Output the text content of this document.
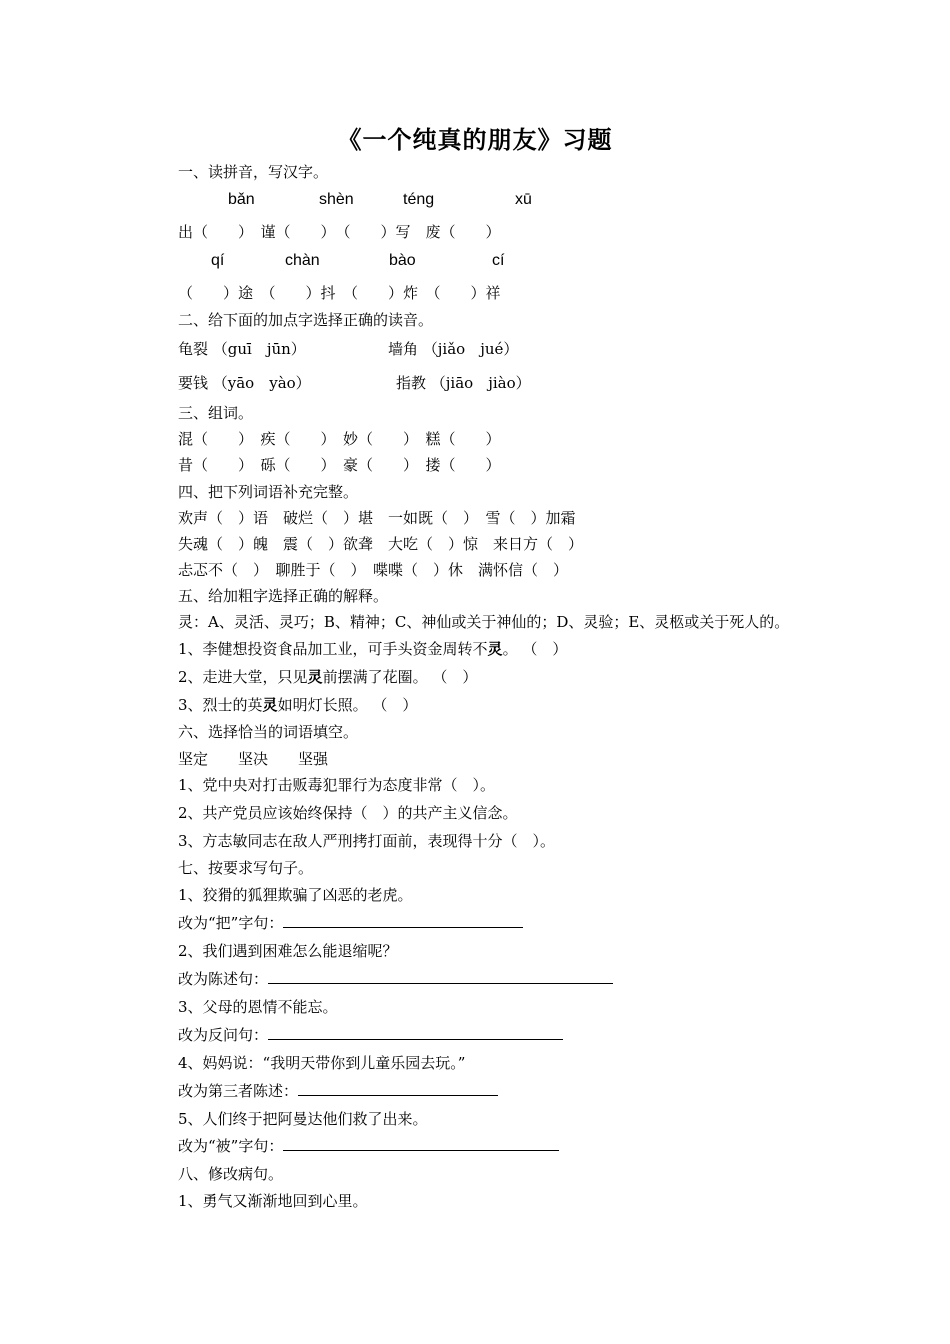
《一个纯真的朋友》习题
一、读拼音，写汉字。
bǎn	shèn	téng	xū
出（　　）　谨（　　）　（　　）写　废（　　）
qí	chàn	bào	cí
（　　）途　（　　）抖　（　　）炸　（　　）祥
二、给下面的加点字选择正确的读音。
龟裂 （guī　jūn）	墙角 （jiǎo　jué）
要钱 （yāo　yào）	指教 （jiāo　jiào）
三、组词。
混（　　）　疾（　　）　妙（　　）　糕（　　）
昔（　　）　砾（　　）　豪（　　）　搂（　　）
四、把下列词语补充完整。
欢声（　）语　破烂（　）堪　一如既（　）　雪（　）加霜
失魂（　）魄　震（　）欲聋　大吃（　）惊　来日方（　）
忐忑不（　）　聊胜于（　）　喋喋（　）休　满怀信（　）
五、给加粗字选择正确的解释。
灵：A、灵活、灵巧；B、精神；C、神仙或关于神仙的；D、灵验；E、灵柩或关于死人的。
1、李健想投资食品加工业，可手头资金周转不灵。 （　）
2、走进大堂，只见灵前摆满了花圈。 （　）
3、烈士的英灵如明灯长照。 （　）
六、选择恰当的词语填空。
坚定　　坚决　　坚强
1、党中央对打击贩毒犯罪行为态度非常（　）。
2、共产党员应该始终保持（　）的共产主义信念。
3、方志敏同志在敌人严刑拷打面前，表现得十分（　）。
七、按要求写句子。
1、狡猾的狐狸欺骗了凶恶的老虎。
改为“把”字句：
2、我们遇到困难怎么能退缩呢？
改为陈述句：
3、父母的恩情不能忘。
改为反问句：
4、妈妈说：“我明天带你到儿童乐园去玩。”
改为第三者陈述：
5、人们终于把阿曼达他们救了出来。
改为“被”字句：
八、修改病句。
1、勇气又渐渐地回到心里。
